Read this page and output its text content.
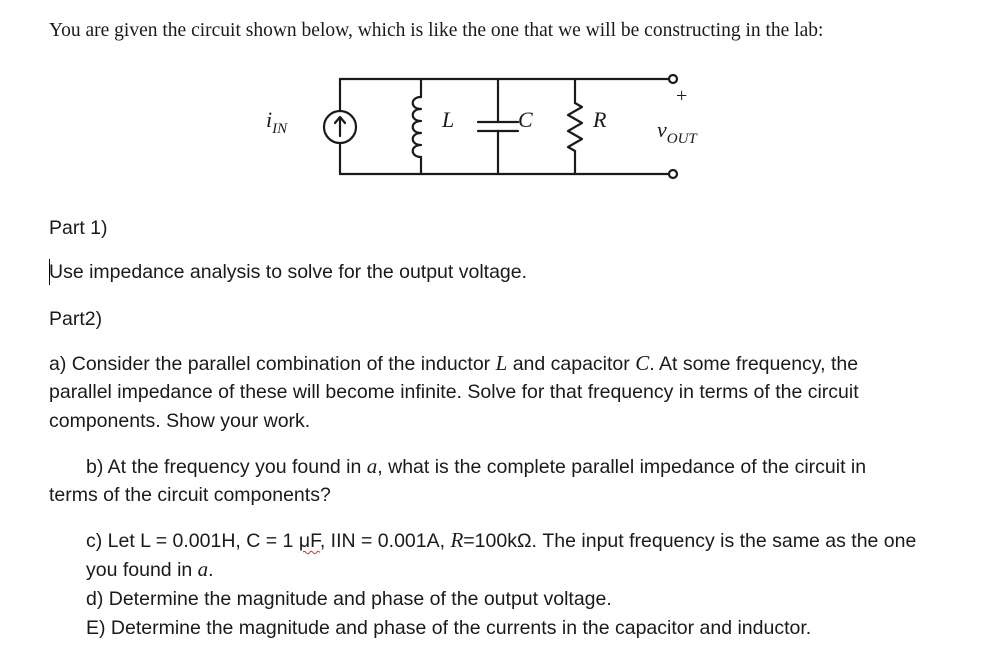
You are given the circuit shown below, which is like the one that we will be constructing in the lab:
$i_{IN}$	L	C	R $v_{OUT}$
+
Part 1)
Use impedance analysis to solve for the output voltage.
Part2)
a) Consider the parallel combination of the inductor L and capacitor C. At some frequency, the
parallel impedance of these will become infinite. Solve for that frequency in terms of the circuit
components. Show your work.
b) At the frequency you found in a, what is the complete parallel impedance of the circuit in
terms of the circuit components?
c) Let L = 0.001H, C = 1 μF, IIN = 0.001A, R=100kΩ. The input frequency is the same as the one
you found in a.
d) Determine the magnitude and phase of the output voltage.
E) Determine the magnitude and phase of the currents in the capacitor and inductor.
